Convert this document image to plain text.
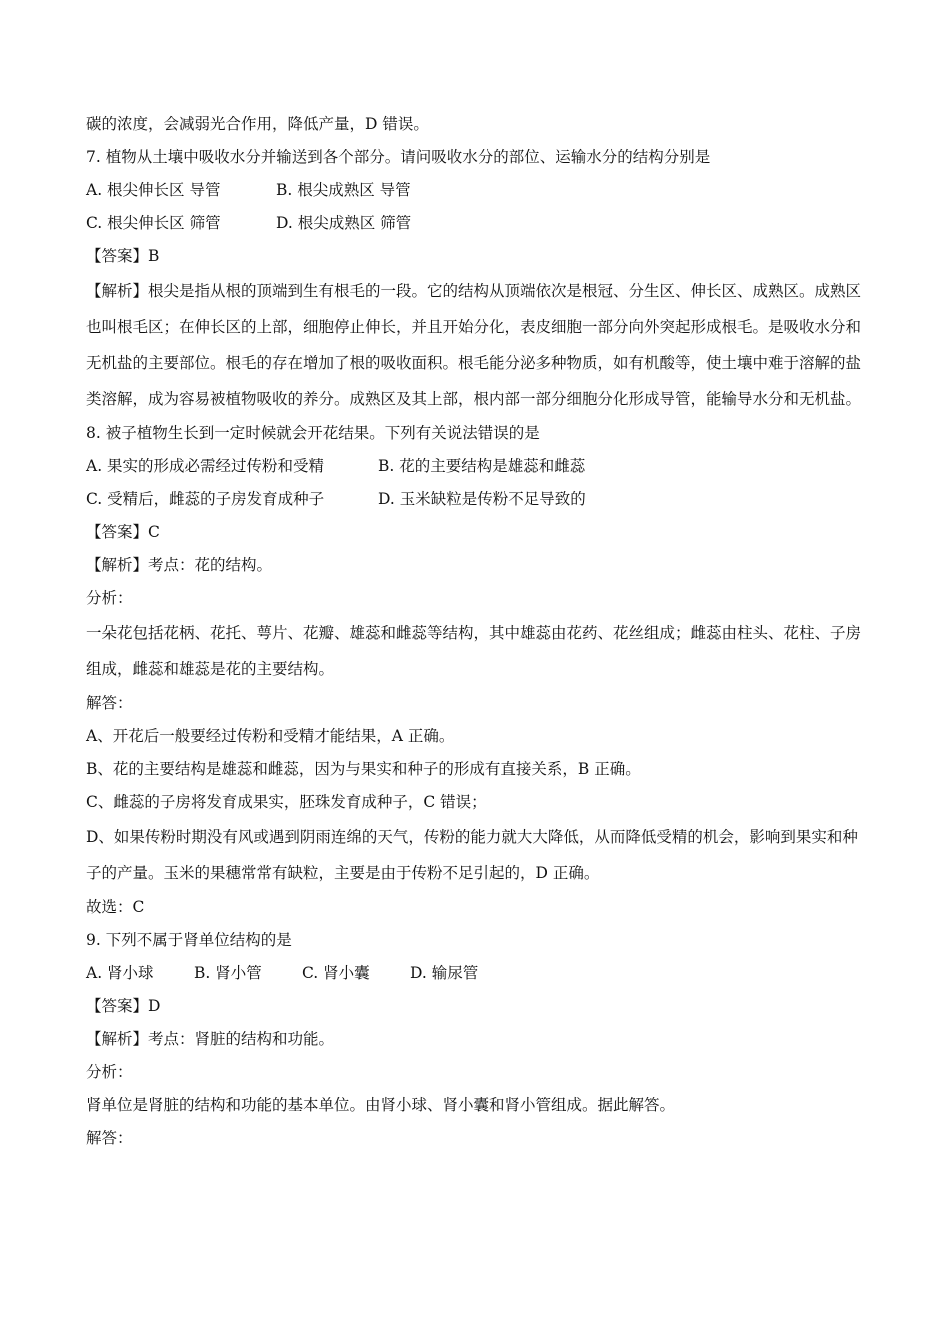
碳的浓度，会减弱光合作用，降低产量，D 错误。

7. 植物从土壤中吸收水分并输送到各个部分。请问吸收水分的部位、运输水分的结构分别是

A. 根尖伸长区 导管	B. 根尖成熟区 导管
C. 根尖伸长区 筛管	D. 根尖成熟区 筛管

【答案】B

【解析】根尖是指从根的顶端到生有根毛的一段。它的结构从顶端依次是根冠、分生区、伸长区、成熟区。成熟区也叫根毛区；在伸长区的上部，细胞停止伸长，并且开始分化，表皮细胞一部分向外突起形成根毛。是吸收水分和无机盐的主要部位。根毛的存在增加了根的吸收面积。根毛能分泌多种物质，如有机酸等，使土壤中难于溶解的盐类溶解，成为容易被植物吸收的养分。成熟区及其上部，根内部一部分细胞分化形成导管，能输导水分和无机盐。

8. 被子植物生长到一定时候就会开花结果。下列有关说法错误的是

A. 果实的形成必需经过传粉和受精	B. 花的主要结构是雄蕊和雌蕊
C. 受精后，雌蕊的子房发育成种子	D. 玉米缺粒是传粉不足导致的

【答案】C

【解析】考点：花的结构。

分析：

一朵花包括花柄、花托、萼片、花瓣、雄蕊和雌蕊等结构，其中雄蕊由花药、花丝组成；雌蕊由柱头、花柱、子房组成，雌蕊和雄蕊是花的主要结构。

解答：

A、开花后一般要经过传粉和受精才能结果，A 正确。

B、花的主要结构是雄蕊和雌蕊，因为与果实和种子的形成有直接关系，B 正确。

C、雌蕊的子房将发育成果实，胚珠发育成种子，C 错误；

D、如果传粉时期没有风或遇到阴雨连绵的天气，传粉的能力就大大降低，从而降低受精的机会，影响到果实和种子的产量。玉米的果穗常常有缺粒，主要是由于传粉不足引起的，D 正确。

故选：C

9. 下列不属于肾单位结构的是

A. 肾小球	B. 肾小管	C. 肾小囊	D. 输尿管

【答案】D

【解析】考点：肾脏的结构和功能。

分析：

肾单位是肾脏的结构和功能的基本单位。由肾小球、肾小囊和肾小管组成。据此解答。

解答：
